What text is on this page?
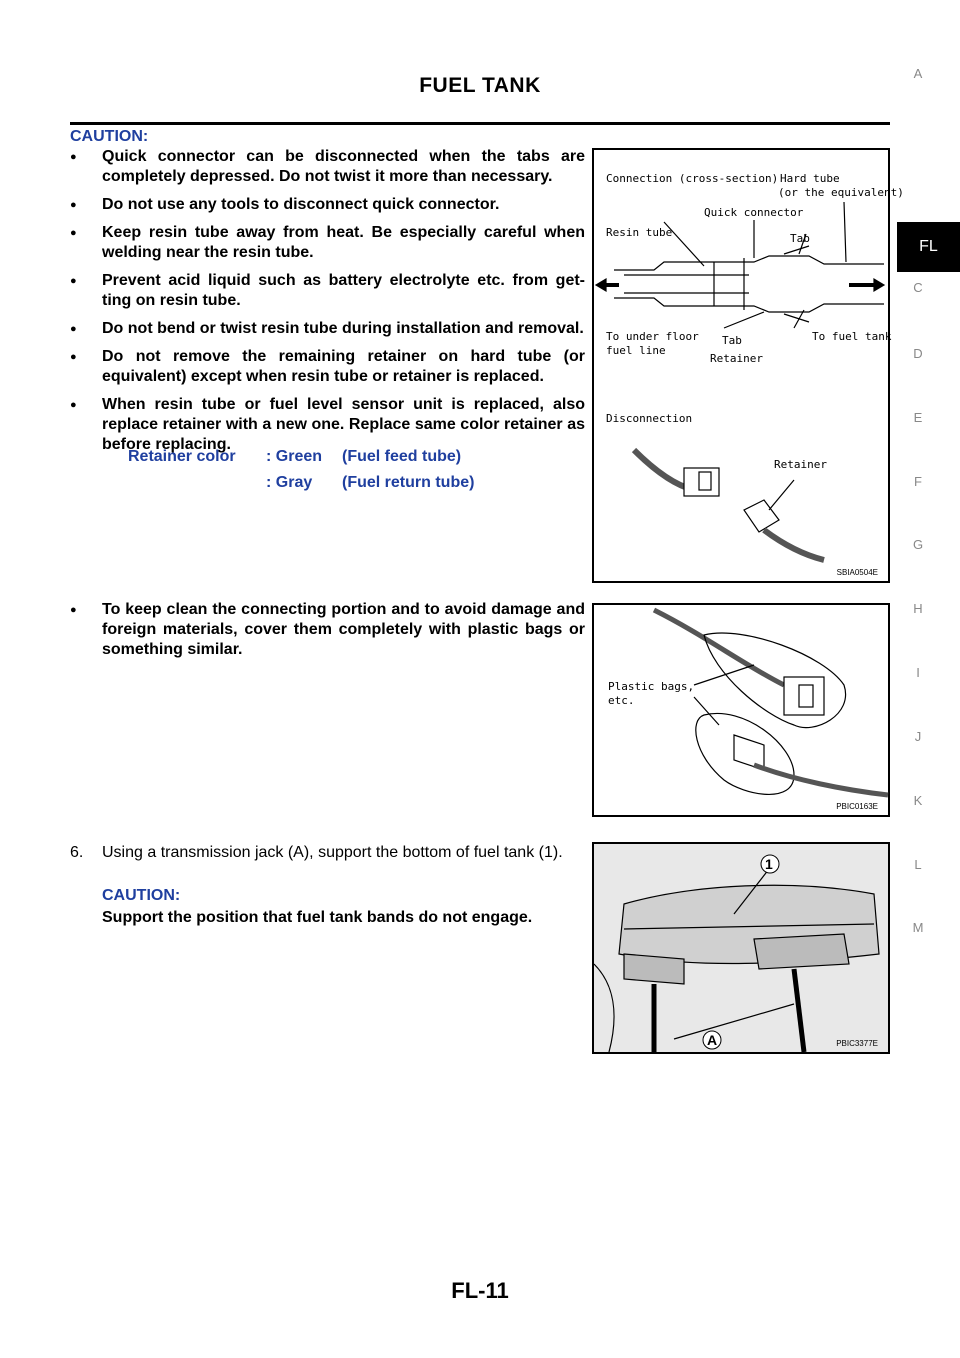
FUEL TANK
CAUTION:
● Quick connector can be disconnected when the tabs are completely depressed. Do not twist it more than necessary.
● Do not use any tools to disconnect quick connector.
● Keep resin tube away from heat. Be especially careful when welding near the resin tube.
● Prevent acid liquid such as battery electrolyte etc. from get-ting on resin tube.
● Do not bend or twist resin tube during installation and removal.
● Do not remove the remaining retainer on hard tube (or equivalent) except when resin tube or retainer is replaced.
● When resin tube or fuel level sensor unit is replaced, also replace retainer with a new one. Replace same color retainer as before replacing.
Retainer color : Green (Fuel feed tube)
: Gray (Fuel return tube)
● To keep clean the connecting portion and to avoid damage and foreign materials, cover them completely with plastic bags or something similar.
6.	Using a transmission jack (A), support the bottom of fuel tank (1).
CAUTION:
Support the position that fuel tank bands do not engage.
Connection (cross-section) Hard tube
(or the equivalent)
Quick connector
Resin tube	Tab
To under floor
fuel line
Tab	To fuel tank
Retainer
Disconnection
Retainer
SBIA0504E
Plastic bags,
etc.
PBIC0163E
1
A	PBIC3377E
A
FL
C
D
E
F
G
H
I
J
K
L
M
FL-11
